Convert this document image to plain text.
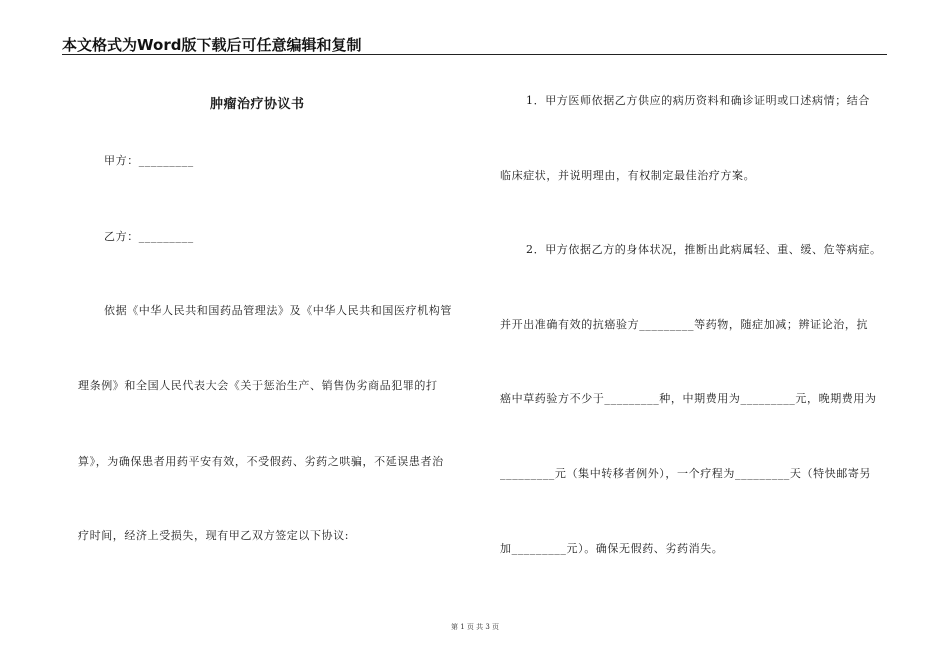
本文格式为Word版下载后可任意编辑和复制
肿瘤治疗协议书
甲方：_________
乙方：_________
依据《中华人民共和国药品管理法》及《中华人民共和国医疗机构管
理条例》和全国人民代表大会《关于惩治生产、销售伪劣商品犯罪的打
算》，为确保患者用药平安有效，不受假药、劣药之哄骗，不延误患者治
疗时间，经济上受损失，现有甲乙双方签定以下协议:
1．甲方医师依据乙方供应的病历资料和确诊证明或口述病情；结合
临床症状，并说明理由，有权制定最佳治疗方案。
2．甲方依据乙方的身体状况，推断出此病属轻、重、缓、危等病症。
并开出准确有效的抗癌验方_________等药物，随症加减；辨证论治，抗
癌中草药验方不少于_________种，中期费用为_________元，晚期费用为
_________元（集中转移者例外），一个疗程为_________天（特快邮寄另
加_________元）。确保无假药、劣药消失。
第 1 页 共 3 页
